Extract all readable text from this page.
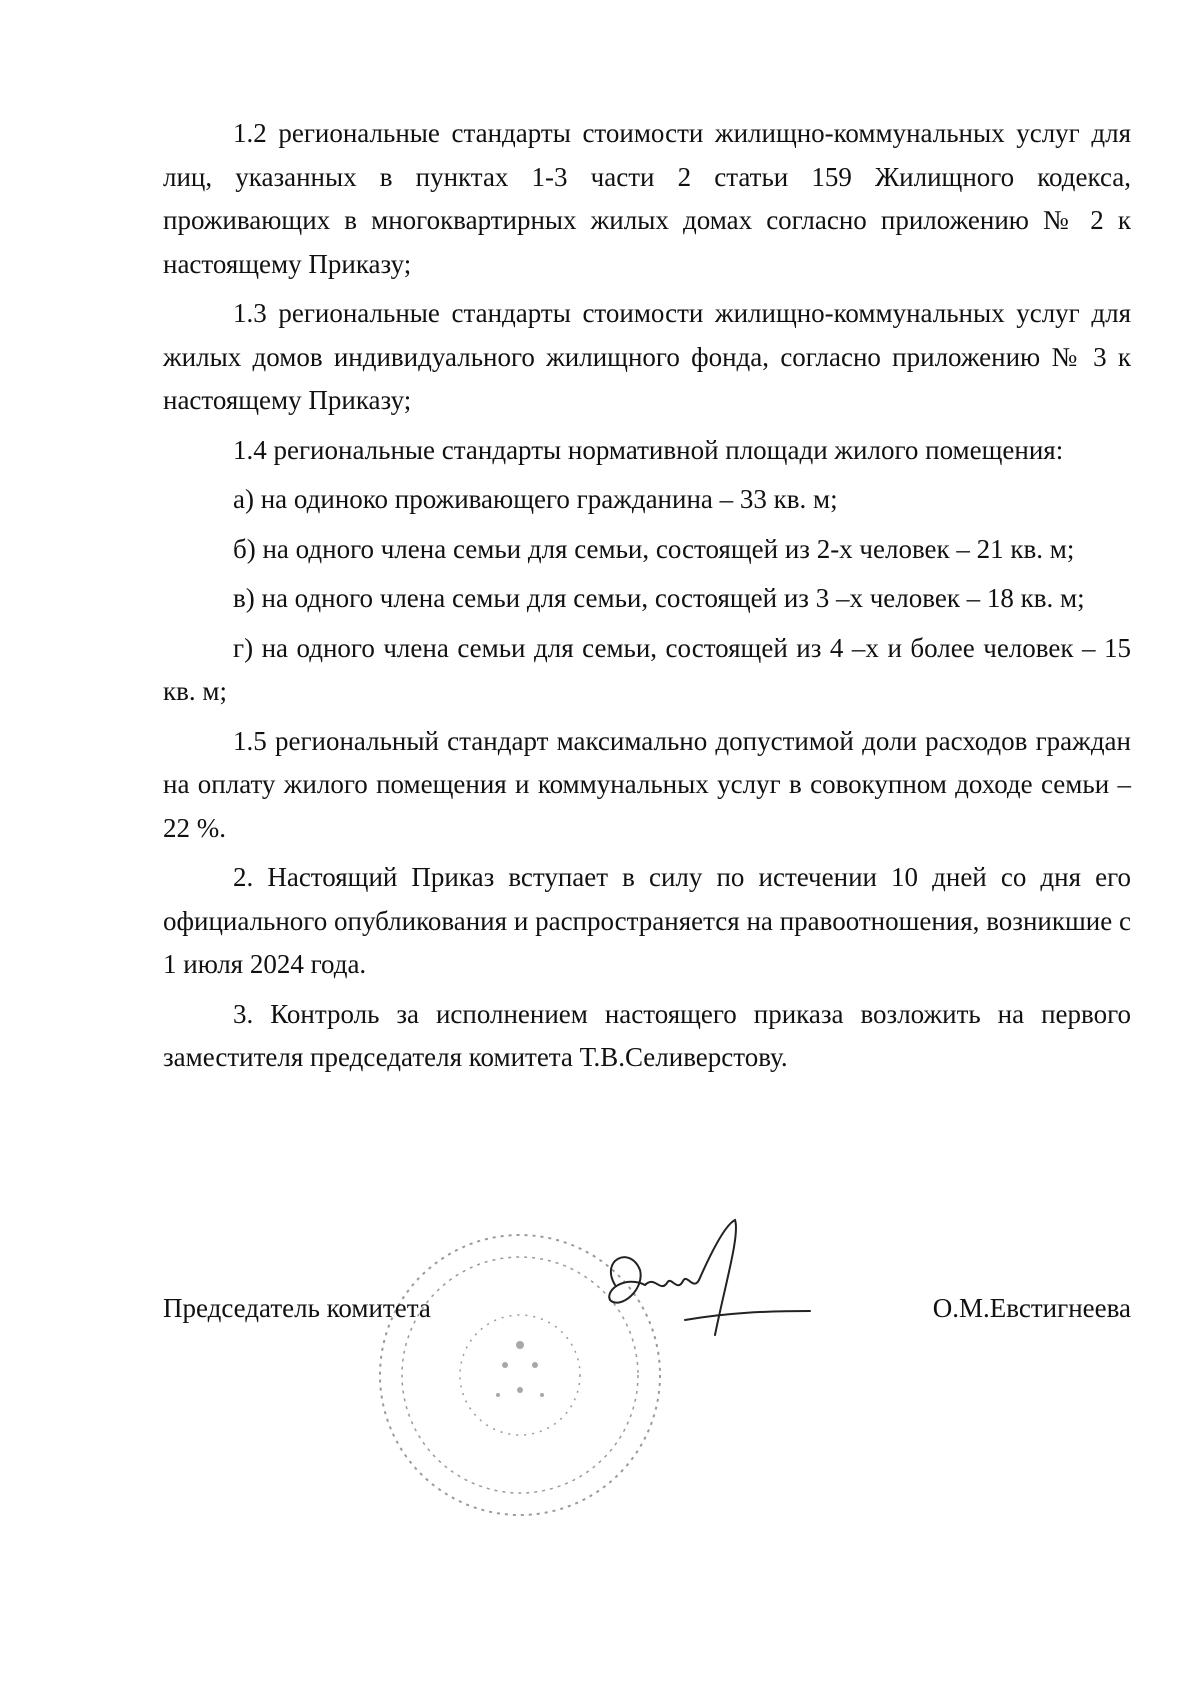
1.2 региональные стандарты стоимости жилищно-коммунальных услуг для лиц, указанных в пунктах 1-3 части 2 статьи 159 Жилищного кодекса, проживающих в многоквартирных жилых домах согласно приложению № 2 к настоящему Приказу;

1.3 региональные стандарты стоимости жилищно-коммунальных услуг для жилых домов индивидуального жилищного фонда, согласно приложению № 3 к настоящему Приказу;

1.4 региональные стандарты нормативной площади жилого помещения:

а) на одиноко проживающего гражданина – 33 кв. м;

б) на одного члена семьи для семьи, состоящей из 2-х человек – 21 кв. м;

в) на одного члена семьи для семьи, состоящей из 3 –х человек – 18 кв. м;

г) на одного члена семьи для семьи, состоящей из 4 –х и более человек – 15 кв. м;

1.5 региональный стандарт максимально допустимой доли расходов граждан на оплату жилого помещения и коммунальных услуг в совокупном доходе семьи – 22 %.

2. Настоящий Приказ вступает в силу по истечении 10 дней со дня его официального опубликования и распространяется на правоотношения, возникшие с 1 июля 2024 года.

3. Контроль за исполнением настоящего приказа возложить на первого заместителя председателя комитета Т.В.Селиверстову.

Председатель комитета	О.М.Евстигнеева
